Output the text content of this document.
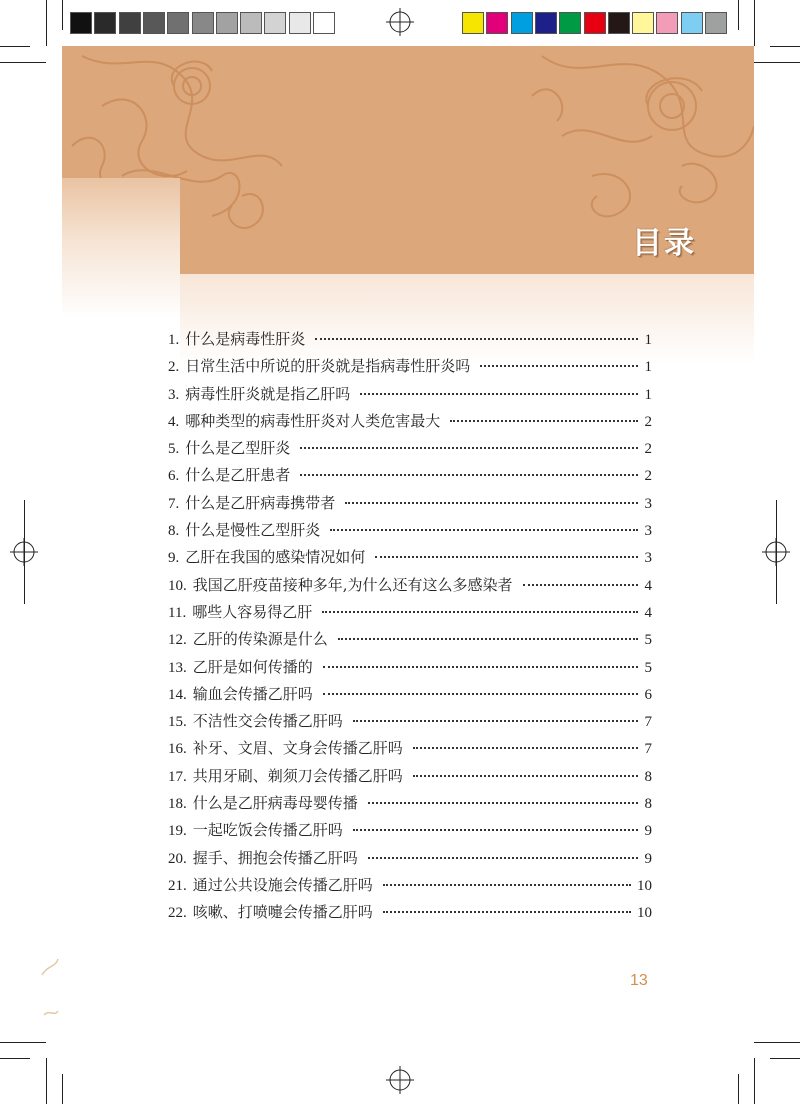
目录
1. 什么是病毒性肝炎	1
2. 日常生活中所说的肝炎就是指病毒性肝炎吗	1
3. 病毒性肝炎就是指乙肝吗	1
4. 哪种类型的病毒性肝炎对人类危害最大	2
5. 什么是乙型肝炎	2
6. 什么是乙肝患者	2
7. 什么是乙肝病毒携带者	3
8. 什么是慢性乙型肝炎	3
9. 乙肝在我国的感染情况如何	3
10. 我国乙肝疫苗接种多年,为什么还有这么多感染者	4
11. 哪些人容易得乙肝	4
12. 乙肝的传染源是什么	5
13. 乙肝是如何传播的	5
14. 输血会传播乙肝吗	6
15. 不洁性交会传播乙肝吗	7
16. 补牙、文眉、文身会传播乙肝吗	7
17. 共用牙刷、剃须刀会传播乙肝吗	8
18. 什么是乙肝病毒母婴传播	8
19. 一起吃饭会传播乙肝吗	9
20. 握手、拥抱会传播乙肝吗	9
21. 通过公共设施会传播乙肝吗	10
22. 咳嗽、打喷嚏会传播乙肝吗	10
13
